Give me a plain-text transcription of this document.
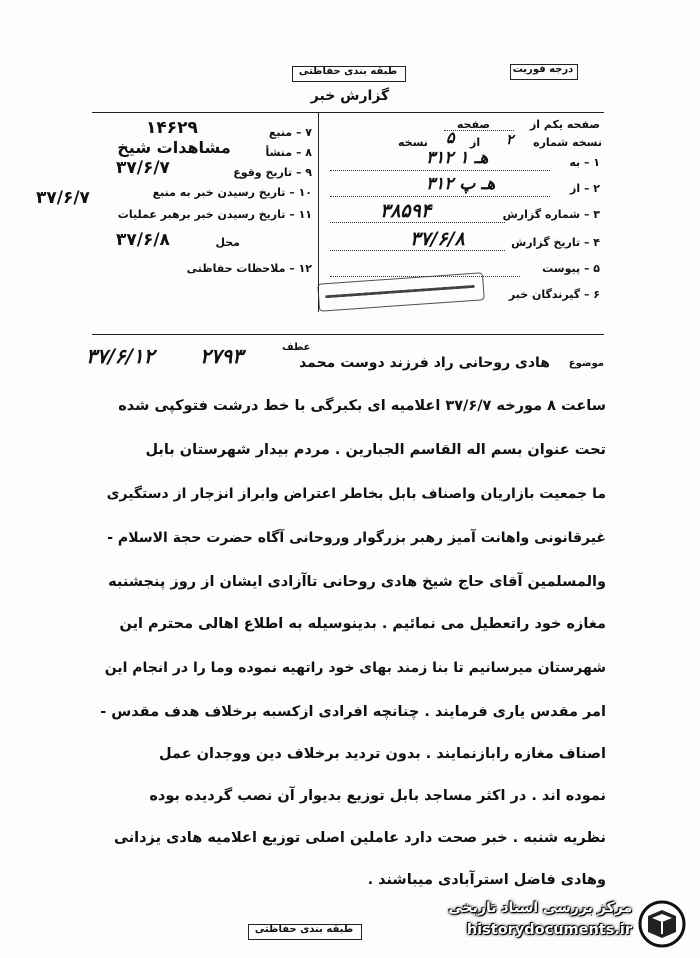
طبقه بندی حفاظتی	درجه فوریت
گزارش خبر
صفحه یکم از
صفحه
نسخه شماره
۲
از
۵
نسخه
۱ – به
۳۱۲ هـ ۱
۲ – از
۳۱۲ هـ پ
۳ – شماره گزارش
۳۸۵۹۴
۴ – تاریخ گزارش
۳۷/۶/۸
۵ – پیوست
۶ – گیرندگان خبر
۷ – منبع
۱۴۶۲۹
۸ – منشأ
مشاهدات شیخ
۹ – تاریخ وقوع
۳۷/۶/۷
۱۰ – تاریخ رسیدن خبر به منبع
۳۷/۶/۷
۱۱ – تاریخ رسیدن خبر برهبر عملیات
محل
۳۷/۶/۸
۱۲ – ملاحظات حفاظتی
عطف
موضوع
هادی روحانی راد فرزند دوست محمد
۲۷۹۳
۳۷/۶/۱۲
ساعت ۸ مورخه ۳۷/۶/۷ اعلامیه ای بکبرگی با خط درشت فتوکپی شده
تحت عنوان بسم اله القاسم الجبارین . مردم بیدار شهرستان بابل
ما جمعیت بازاریان واصناف بابل بخاطر اعتراض وابراز انزجار از دستگیری
غیرقانونی واهانت آمیز رهبر بزرگوار وروحانی آگاه حضرت حجة الاسلام -
والمسلمین آقای حاج شیخ هادی روحانی تاآزادی ایشان از روز پنجشنبه
مغازه خود راتعطیل می نمائیم . بدینوسیله به اطلاع اهالی محترم این
شهرستان میرسانیم تا بنا زمند بهای خود راتهیه نموده وما را در انجام این
امر مقدس یاری فرمایند . چنانچه افرادی ازکسبه برخلاف هدف مقدس -
اصناف مغازه رابازنمایند . بدون تردید برخلاف دین ووجدان عمل
نموده اند . در اکثر مساجد بابل توزیع بدیوار آن نصب گردیده بوده
نظریه شنبه . خبر صحت دارد عاملین اصلی توزیع اعلامیه هادی یزدانی
وهادی فاضل استرآبادی میباشند .
طبقه بندی حفاظتی
مرکز بررسی اسناد تاریخی
historydocuments.ir
